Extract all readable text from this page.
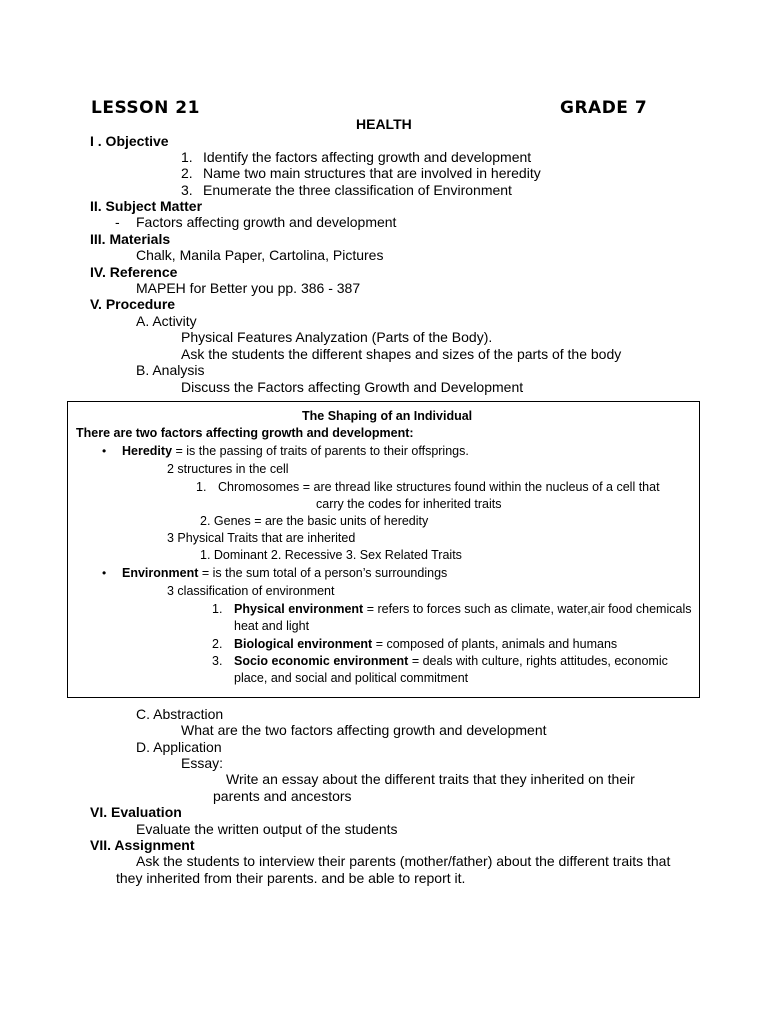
LESSON 21	GRADE 7
HEALTH
I . Objective
1. Identify the factors affecting growth and development
2. Name two main structures that are involved in heredity
3. Enumerate the three classification of Environment
II. Subject Matter
- Factors affecting growth and development
III. Materials
Chalk, Manila Paper, Cartolina, Pictures
IV. Reference
MAPEH for Better you pp. 386 - 387
V. Procedure
A. Activity
Physical Features Analyzation (Parts of the Body).
Ask the students the different shapes and sizes of the parts of the body
B. Analysis
Discuss the Factors affecting Growth and Development
The Shaping of an Individual
There are two factors affecting growth and development:
• Heredity = is the passing of traits of parents to their offsprings.
2 structures in the cell
1. Chromosomes = are thread like structures found within the nucleus of a cell that
carry the codes for inherited traits
2. Genes = are the basic units of heredity
3 Physical Traits that are inherited
1. Dominant 2. Recessive 3. Sex Related Traits
• Environment = is the sum total of a person’s surroundings
3 classification of environment
1. Physical environment = refers to forces such as climate, water,air food chemicals
heat and light
2. Biological environment = composed of plants, animals and humans
3. Socio economic environment = deals with culture, rights attitudes, economic
place, and social and political commitment
C. Abstraction
What are the two factors affecting growth and development
D. Application
Essay:
Write an essay about the different traits that they inherited on their
parents and ancestors
VI. Evaluation
Evaluate the written output of the students
VII. Assignment
Ask the students to interview their parents (mother/father) about the different traits that
they inherited from their parents. and be able to report it.
